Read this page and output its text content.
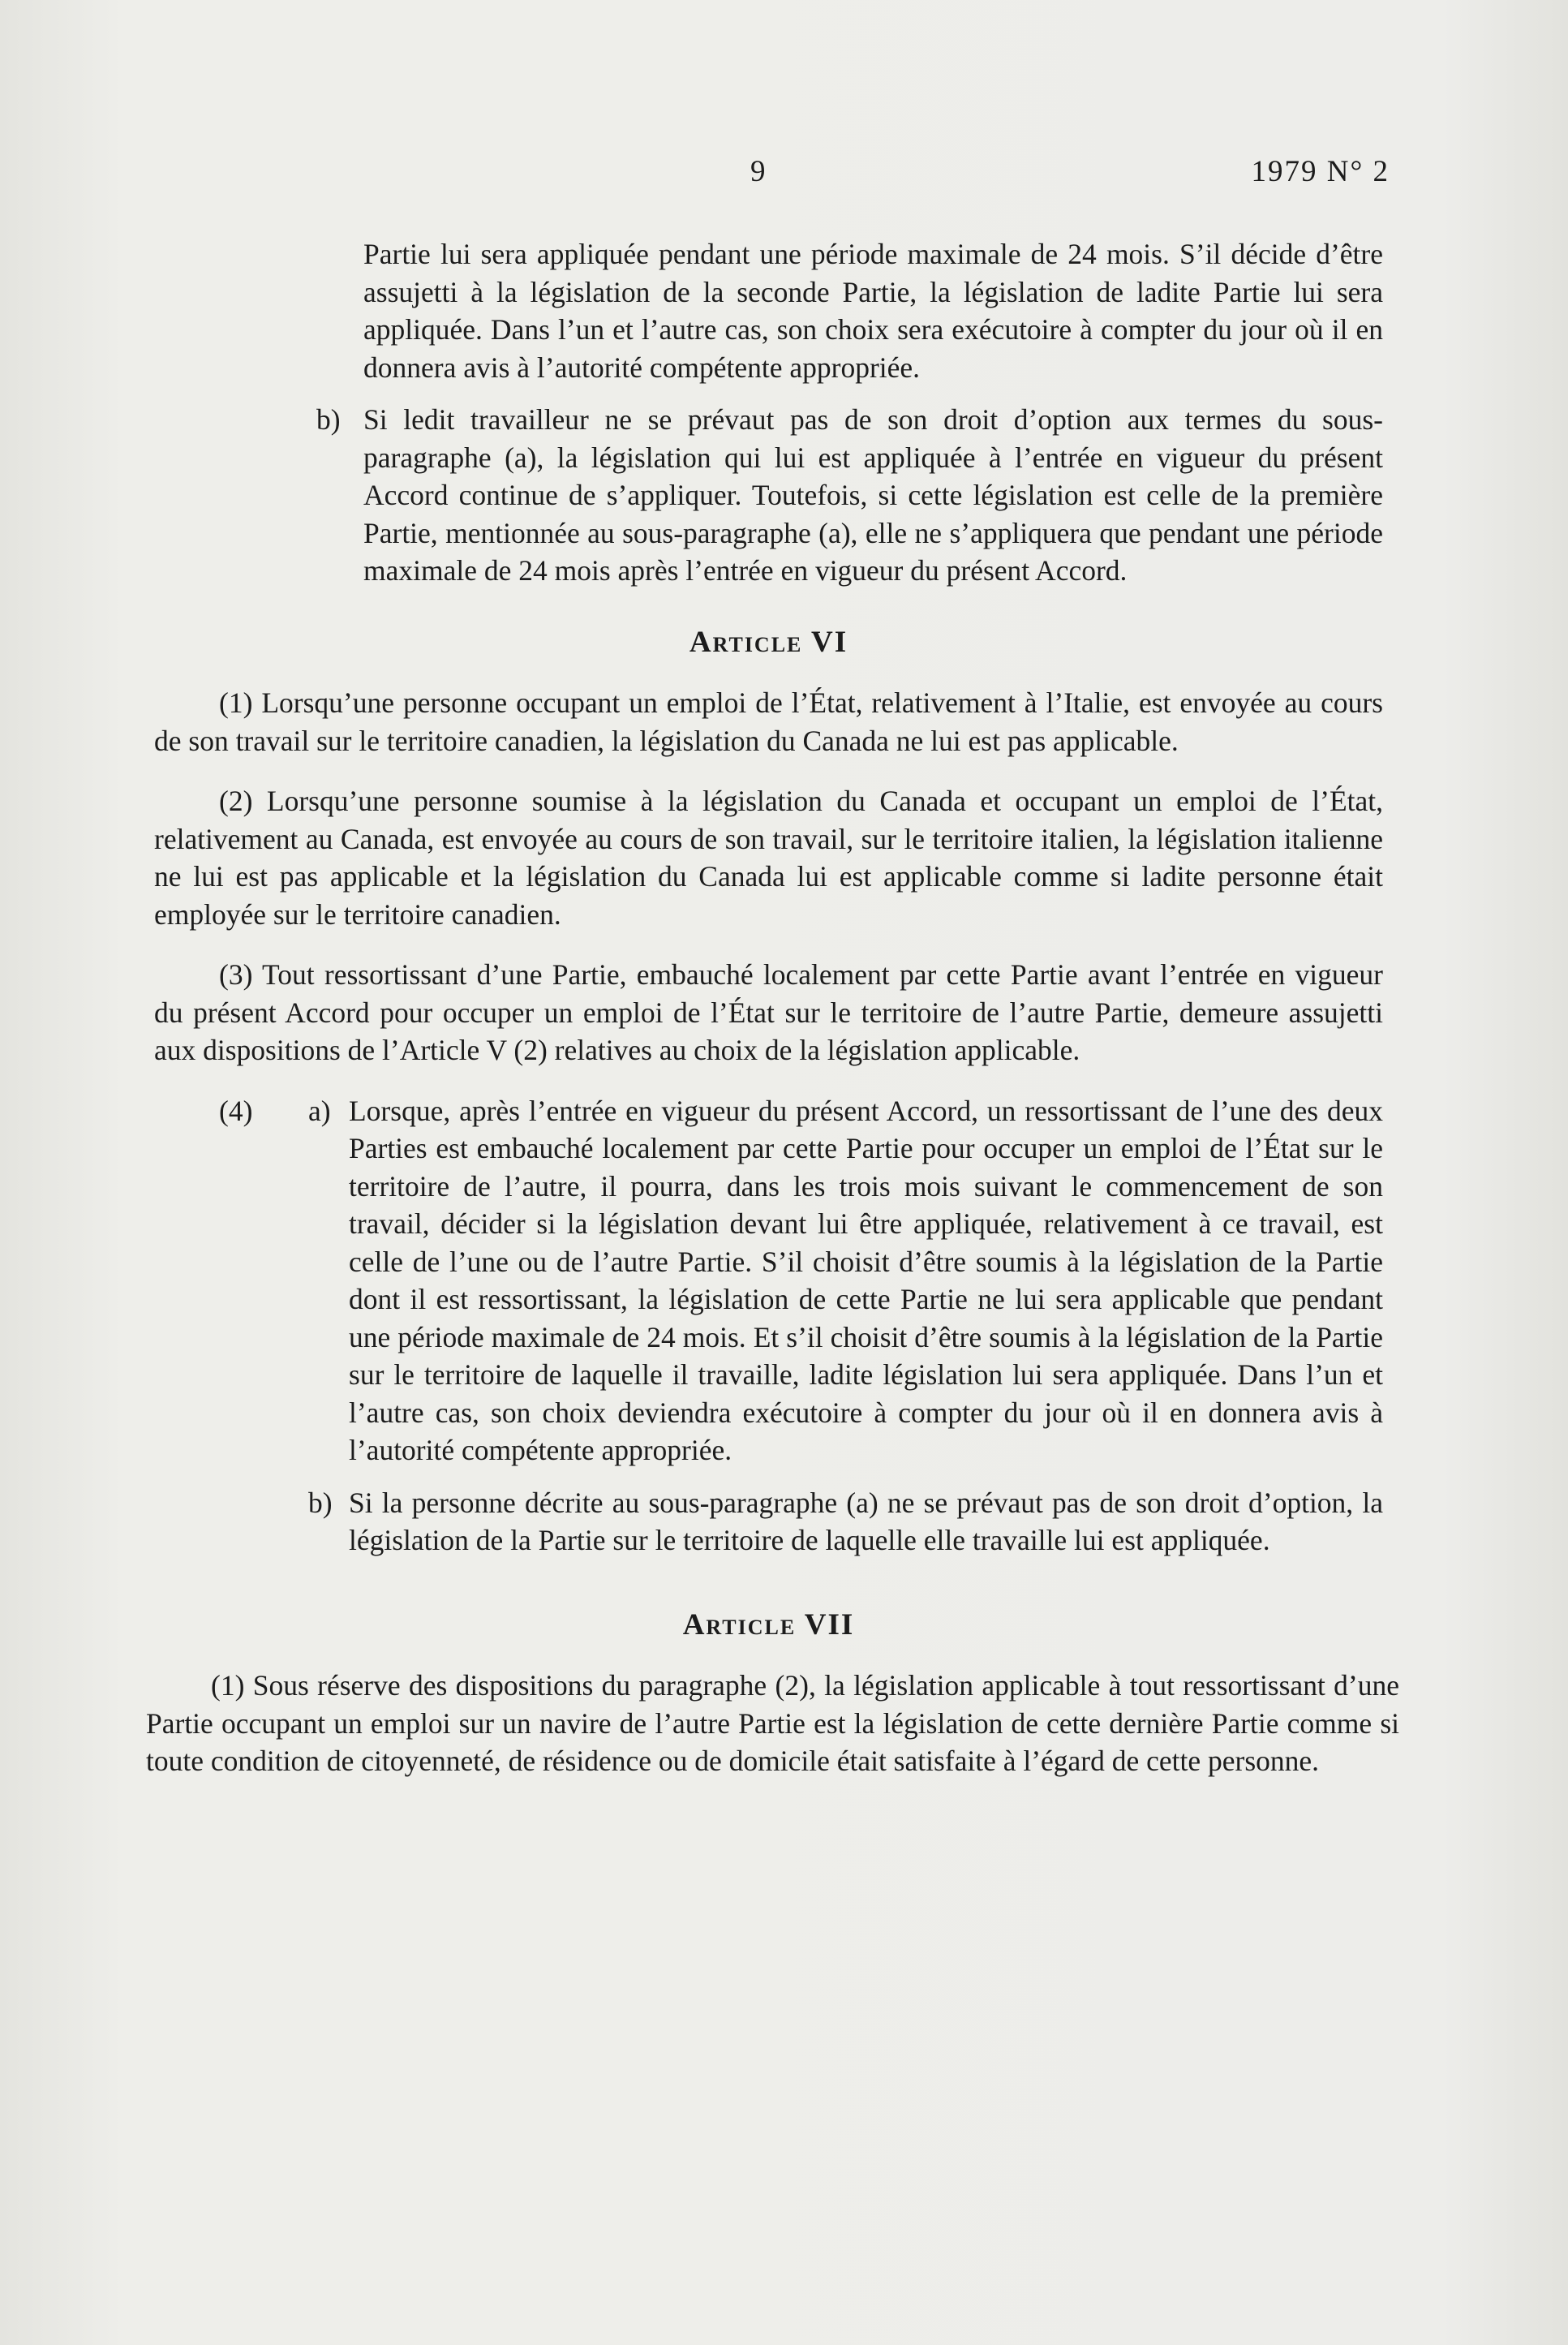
9	1979 N° 2

Partie lui sera appliquée pendant une période maximale de 24 mois. S’il décide d’être assujetti à la législation de la seconde Partie, la législation de ladite Partie lui sera appliquée. Dans l’un et l’autre cas, son choix sera exécutoire à compter du jour où il en donnera avis à l’autorité compétente appropriée.

b) Si ledit travailleur ne se prévaut pas de son droit d’option aux termes du sous-paragraphe (a), la législation qui lui est appliquée à l’entrée en vigueur du présent Accord continue de s’appliquer. Toutefois, si cette législation est celle de la première Partie, mentionnée au sous-paragraphe (a), elle ne s’appliquera que pendant une période maximale de 24 mois après l’entrée en vigueur du présent Accord.
Article VI

(1) Lorsqu’une personne occupant un emploi de l’État, relativement à l’Italie, est envoyée au cours de son travail sur le territoire canadien, la législation du Canada ne lui est pas applicable.

(2) Lorsqu’une personne soumise à la législation du Canada et occupant un emploi de l’État, relativement au Canada, est envoyée au cours de son travail, sur le territoire italien, la législation italienne ne lui est pas applicable et la législation du Canada lui est applicable comme si ladite personne était employée sur le territoire canadien.

(3) Tout ressortissant d’une Partie, embauché localement par cette Partie avant l’entrée en vigueur du présent Accord pour occuper un emploi de l’État sur le territoire de l’autre Partie, demeure assujetti aux dispositions de l’Article V (2) relatives au choix de la législation applicable.

(4) a) Lorsque, après l’entrée en vigueur du présent Accord, un ressortissant de l’une des deux Parties est embauché localement par cette Partie pour occuper un emploi de l’État sur le territoire de l’autre, il pourra, dans les trois mois suivant le commencement de son travail, décider si la législation devant lui être appliquée, relativement à ce travail, est celle de l’une ou de l’autre Partie. S’il choisit d’être soumis à la législation de la Partie dont il est ressortissant, la législation de cette Partie ne lui sera applicable que pendant une période maximale de 24 mois. Et s’il choisit d’être soumis à la législation de la Partie sur le territoire de laquelle il travaille, ladite législation lui sera appliquée. Dans l’un et l’autre cas, son choix deviendra exécutoire à compter du jour où il en donnera avis à l’autorité compétente appropriée.
b) Si la personne décrite au sous-paragraphe (a) ne se prévaut pas de son droit d’option, la législation de la Partie sur le territoire de laquelle elle travaille lui est appliquée.
Article VII

(1) Sous réserve des dispositions du paragraphe (2), la législation applicable à tout ressortissant d’une Partie occupant un emploi sur un navire de l’autre Partie est la législation de cette dernière Partie comme si toute condition de citoyenneté, de résidence ou de domicile était satisfaite à l’égard de cette personne.
